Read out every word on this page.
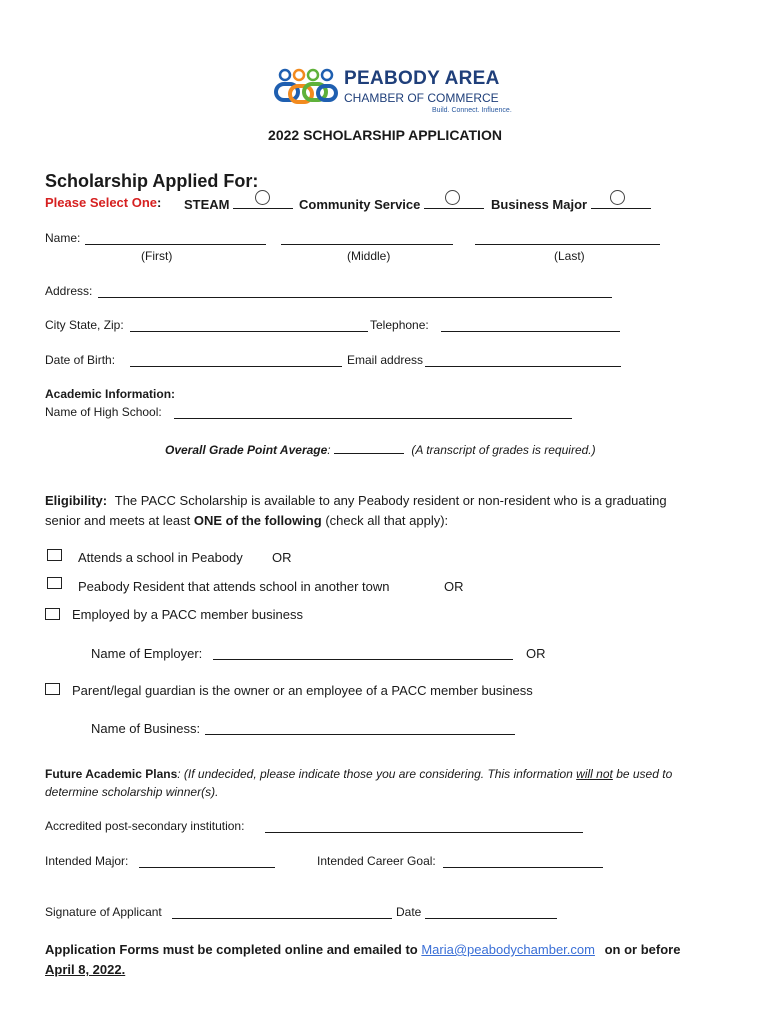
PEABODY AREA
CHAMBER OF COMMERCE
Build. Connect. Influence.
2022 SCHOLARSHIP APPLICATION
Scholarship Applied For:
Please Select One: STEAM	Community Service	Business Major
Name:
(First)	(Middle)	(Last)
Address:
City State, Zip:	Telephone:
Date of Birth:	Email address
Academic Information:
Name of High School:
Overall Grade Point Average:	(A transcript of grades is required.)
Eligibility: The PACC Scholarship is available to any Peabody resident or non-resident who is a graduating
senior and meets at least ONE of the following (check all that apply):
Attends a school in Peabody OR
Peabody Resident that attends school in another town	OR
Employed by a PACC member business
Name of Employer:	OR
Parent/legal guardian is the owner or an employee of a PACC member business
Name of Business:
Future Academic Plans: (If undecided, please indicate those you are considering. This information will not be used to
determine scholarship winner(s).
Accredited post-secondary institution:
Intended Major:	Intended Career Goal:
Signature of Applicant	Date
Application Forms must be completed online and emailed to Maria@peabodychamber.com on or before
April 8, 2022.
